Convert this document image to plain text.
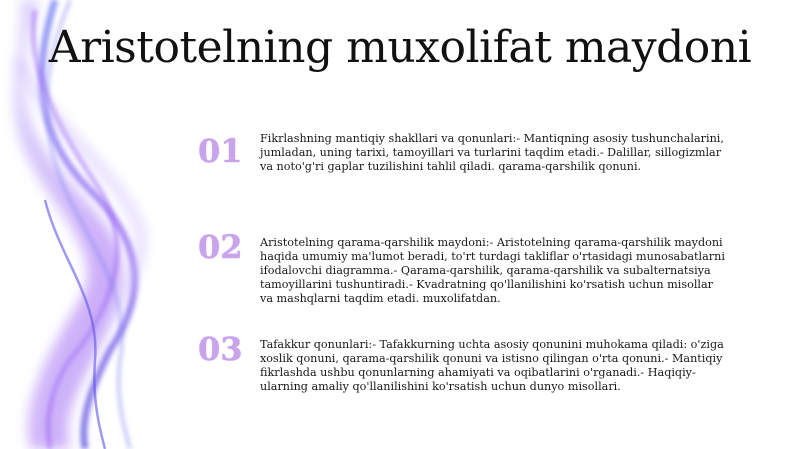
Aristotelning muxolifat maydoni
01	Fikrlashning mantiqiy shakllari va qonunlari:- Mantiqning asosiy tushunchalarini, jumladan, uning tarixi, tamoyillari va turlarini taqdim etadi.- Dalillar, sillogizmlar va noto'g'ri gaplar tuzilishini tahlil qiladi. qarama-qarshilik qonuni.
02	Aristotelning qarama-qarshilik maydoni:- Aristotelning qarama-qarshilik maydoni haqida umumiy ma'lumot beradi, to'rt turdagi takliflar o'rtasidagi munosabatlarni ifodalovchi diagramma.- Qarama-qarshilik, qarama-qarshilik va subalternatsiya tamoyillarini tushuntiradi.- Kvadratning qo'llanilishini ko'rsatish uchun misollar va mashqlarni taqdim etadi. muxolifatdan.
03	Tafakkur qonunlari:- Tafakkurning uchta asosiy qonunini muhokama qiladi: o'ziga xoslik qonuni, qarama-qarshilik qonuni va istisno qilingan o'rta qonuni.- Mantiqiy fikrlashda ushbu qonunlarning ahamiyati va oqibatlarini o'rganadi.- Haqiqiy-ularning amaliy qo'llanilishini ko'rsatish uchun dunyo misollari.
